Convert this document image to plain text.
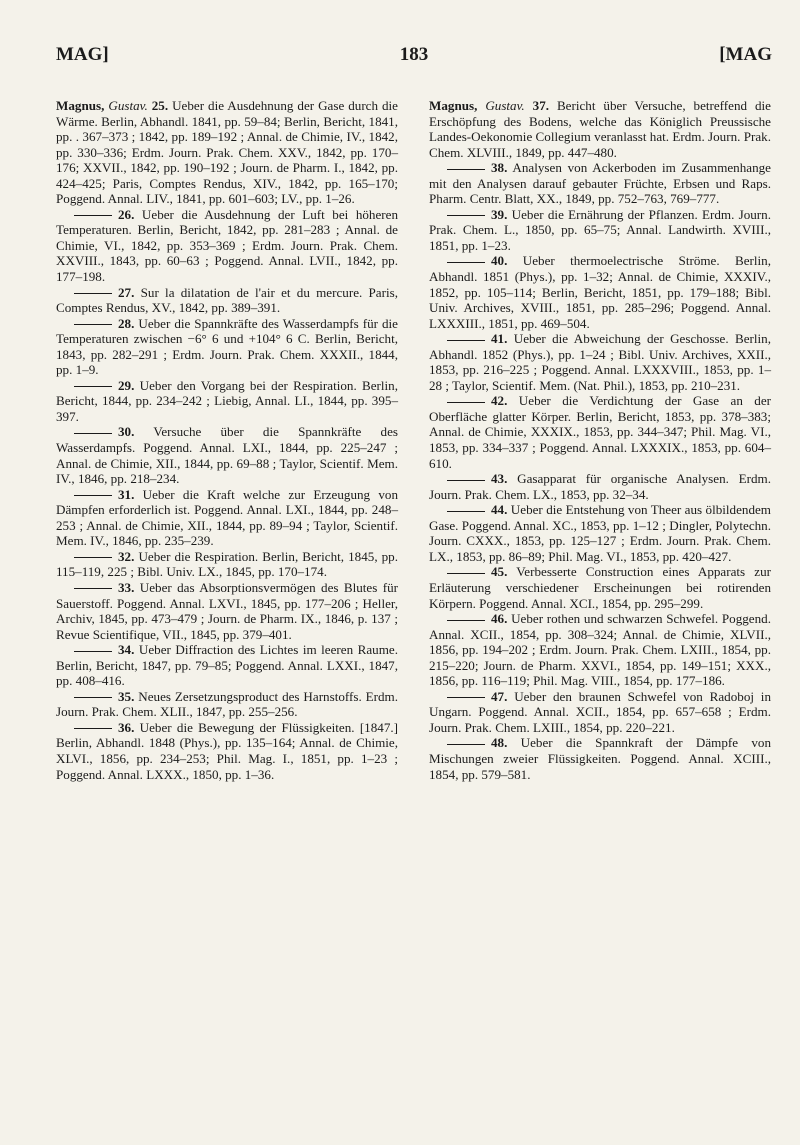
MAG]	183	[MAG

Magnus, Gustav. 25. Ueber die Ausdehnung der Gase durch die Wärme. Berlin, Abhandl. 1841, pp. 59–84; Berlin, Bericht, 1841, pp. . 367–373 ; 1842, pp. 189–192 ; Annal. de Chimie, IV., 1842, pp. 330–336; Erdm. Journ. Prak. Chem. XXV., 1842, pp. 170–176; XXVII., 1842, pp. 190–192 ; Journ. de Pharm. I., 1842, pp. 424–425; Paris, Comptes Rendus, XIV., 1842, pp. 165–170; Poggend. Annal. LIV., 1841, pp. 601–603; LV., pp. 1–26.

26. Ueber die Ausdehnung der Luft bei höheren Temperaturen. Berlin, Bericht, 1842, pp. 281–283 ; Annal. de Chimie, VI., 1842, pp. 353–369 ; Erdm. Journ. Prak. Chem. XXVIII., 1843, pp. 60–63 ; Poggend. Annal. LVII., 1842, pp. 177–198.

27. Sur la dilatation de l'air et du mercure. Paris, Comptes Rendus, XV., 1842, pp. 389–391.

28. Ueber die Spannkräfte des Wasserdampfs für die Temperaturen zwischen −6° 6 und +104° 6 C. Berlin, Bericht, 1843, pp. 282–291 ; Erdm. Journ. Prak. Chem. XXXII., 1844, pp. 1–9.

29. Ueber den Vorgang bei der Respiration. Berlin, Bericht, 1844, pp. 234–242 ; Liebig, Annal. LI., 1844, pp. 395–397.

30. Versuche über die Spannkräfte des Wasserdampfs. Poggend. Annal. LXI., 1844, pp. 225–247 ; Annal. de Chimie, XII., 1844, pp. 69–88 ; Taylor, Scientif. Mem. IV., 1846, pp. 218–234.

31. Ueber die Kraft welche zur Erzeugung von Dämpfen erforderlich ist. Poggend. Annal. LXI., 1844, pp. 248–253 ; Annal. de Chimie, XII., 1844, pp. 89–94 ; Taylor, Scientif. Mem. IV., 1846, pp. 235–239.

32. Ueber die Respiration. Berlin, Bericht, 1845, pp. 115–119, 225 ; Bibl. Univ. LX., 1845, pp. 170–174.

33. Ueber das Absorptionsvermögen des Blutes für Sauerstoff. Poggend. Annal. LXVI., 1845, pp. 177–206 ; Heller, Archiv, 1845, pp. 473–479 ; Journ. de Pharm. IX., 1846, p. 137 ; Revue Scientifique, VII., 1845, pp. 379–401.

34. Ueber Diffraction des Lichtes im leeren Raume. Berlin, Bericht, 1847, pp. 79–85; Poggend. Annal. LXXI., 1847, pp. 408–416.

35. Neues Zersetzungsproduct des Harnstoffs. Erdm. Journ. Prak. Chem. XLII., 1847, pp. 255–256.

36. Ueber die Bewegung der Flüssigkeiten. [1847.] Berlin, Abhandl. 1848 (Phys.), pp. 135–164; Annal. de Chimie, XLVI., 1856, pp. 234–253; Phil. Mag. I., 1851, pp. 1–23 ; Poggend. Annal. LXXX., 1850, pp. 1–36.

Magnus, Gustav. 37. Bericht über Versuche, betreffend die Erschöpfung des Bodens, welche das Königlich Preussische Landes-Oekonomie Collegium veranlasst hat. Erdm. Journ. Prak. Chem. XLVIII., 1849, pp. 447–480.

38. Analysen von Ackerboden im Zusammenhange mit den Analysen darauf gebauter Früchte, Erbsen und Raps. Pharm. Centr. Blatt, XX., 1849, pp. 752–763, 769–777.

39. Ueber die Ernährung der Pflanzen. Erdm. Journ. Prak. Chem. L., 1850, pp. 65–75; Annal. Landwirth. XVIII., 1851, pp. 1–23.

40. Ueber thermoelectrische Ströme. Berlin, Abhandl. 1851 (Phys.), pp. 1–32; Annal. de Chimie, XXXIV., 1852, pp. 105–114; Berlin, Bericht, 1851, pp. 179–188; Bibl. Univ. Archives, XVIII., 1851, pp. 285–296; Poggend. Annal. LXXXIII., 1851, pp. 469–504.

41. Ueber die Abweichung der Geschosse. Berlin, Abhandl. 1852 (Phys.), pp. 1–24 ; Bibl. Univ. Archives, XXII., 1853, pp. 216–225 ; Poggend. Annal. LXXXVIII., 1853, pp. 1–28 ; Taylor, Scientif. Mem. (Nat. Phil.), 1853, pp. 210–231.

42. Ueber die Verdichtung der Gase an der Oberfläche glatter Körper. Berlin, Bericht, 1853, pp. 378–383; Annal. de Chimie, XXXIX., 1853, pp. 344–347; Phil. Mag. VI., 1853, pp. 334–337 ; Poggend. Annal. LXXXIX., 1853, pp. 604–610.

43. Gasapparat für organische Analysen. Erdm. Journ. Prak. Chem. LX., 1853, pp. 32–34.

44. Ueber die Entstehung von Theer aus ölbildendem Gase. Poggend. Annal. XC., 1853, pp. 1–12 ; Dingler, Polytechn. Journ. CXXX., 1853, pp. 125–127 ; Erdm. Journ. Prak. Chem. LX., 1853, pp. 86–89; Phil. Mag. VI., 1853, pp. 420–427.

45. Verbesserte Construction eines Apparats zur Erläuterung verschiedener Erscheinungen bei rotirenden Körpern. Poggend. Annal. XCI., 1854, pp. 295–299.

46. Ueber rothen und schwarzen Schwefel. Poggend. Annal. XCII., 1854, pp. 308–324; Annal. de Chimie, XLVII., 1856, pp. 194–202 ; Erdm. Journ. Prak. Chem. LXIII., 1854, pp. 215–220; Journ. de Pharm. XXVI., 1854, pp. 149–151; XXX., 1856, pp. 116–119; Phil. Mag. VIII., 1854, pp. 177–186.

47. Ueber den braunen Schwefel von Radoboj in Ungarn. Poggend. Annal. XCII., 1854, pp. 657–658 ; Erdm. Journ. Prak. Chem. LXIII., 1854, pp. 220–221.

48. Ueber die Spannkraft der Dämpfe von Mischungen zweier Flüssigkeiten. Poggend. Annal. XCIII., 1854, pp. 579–581.
